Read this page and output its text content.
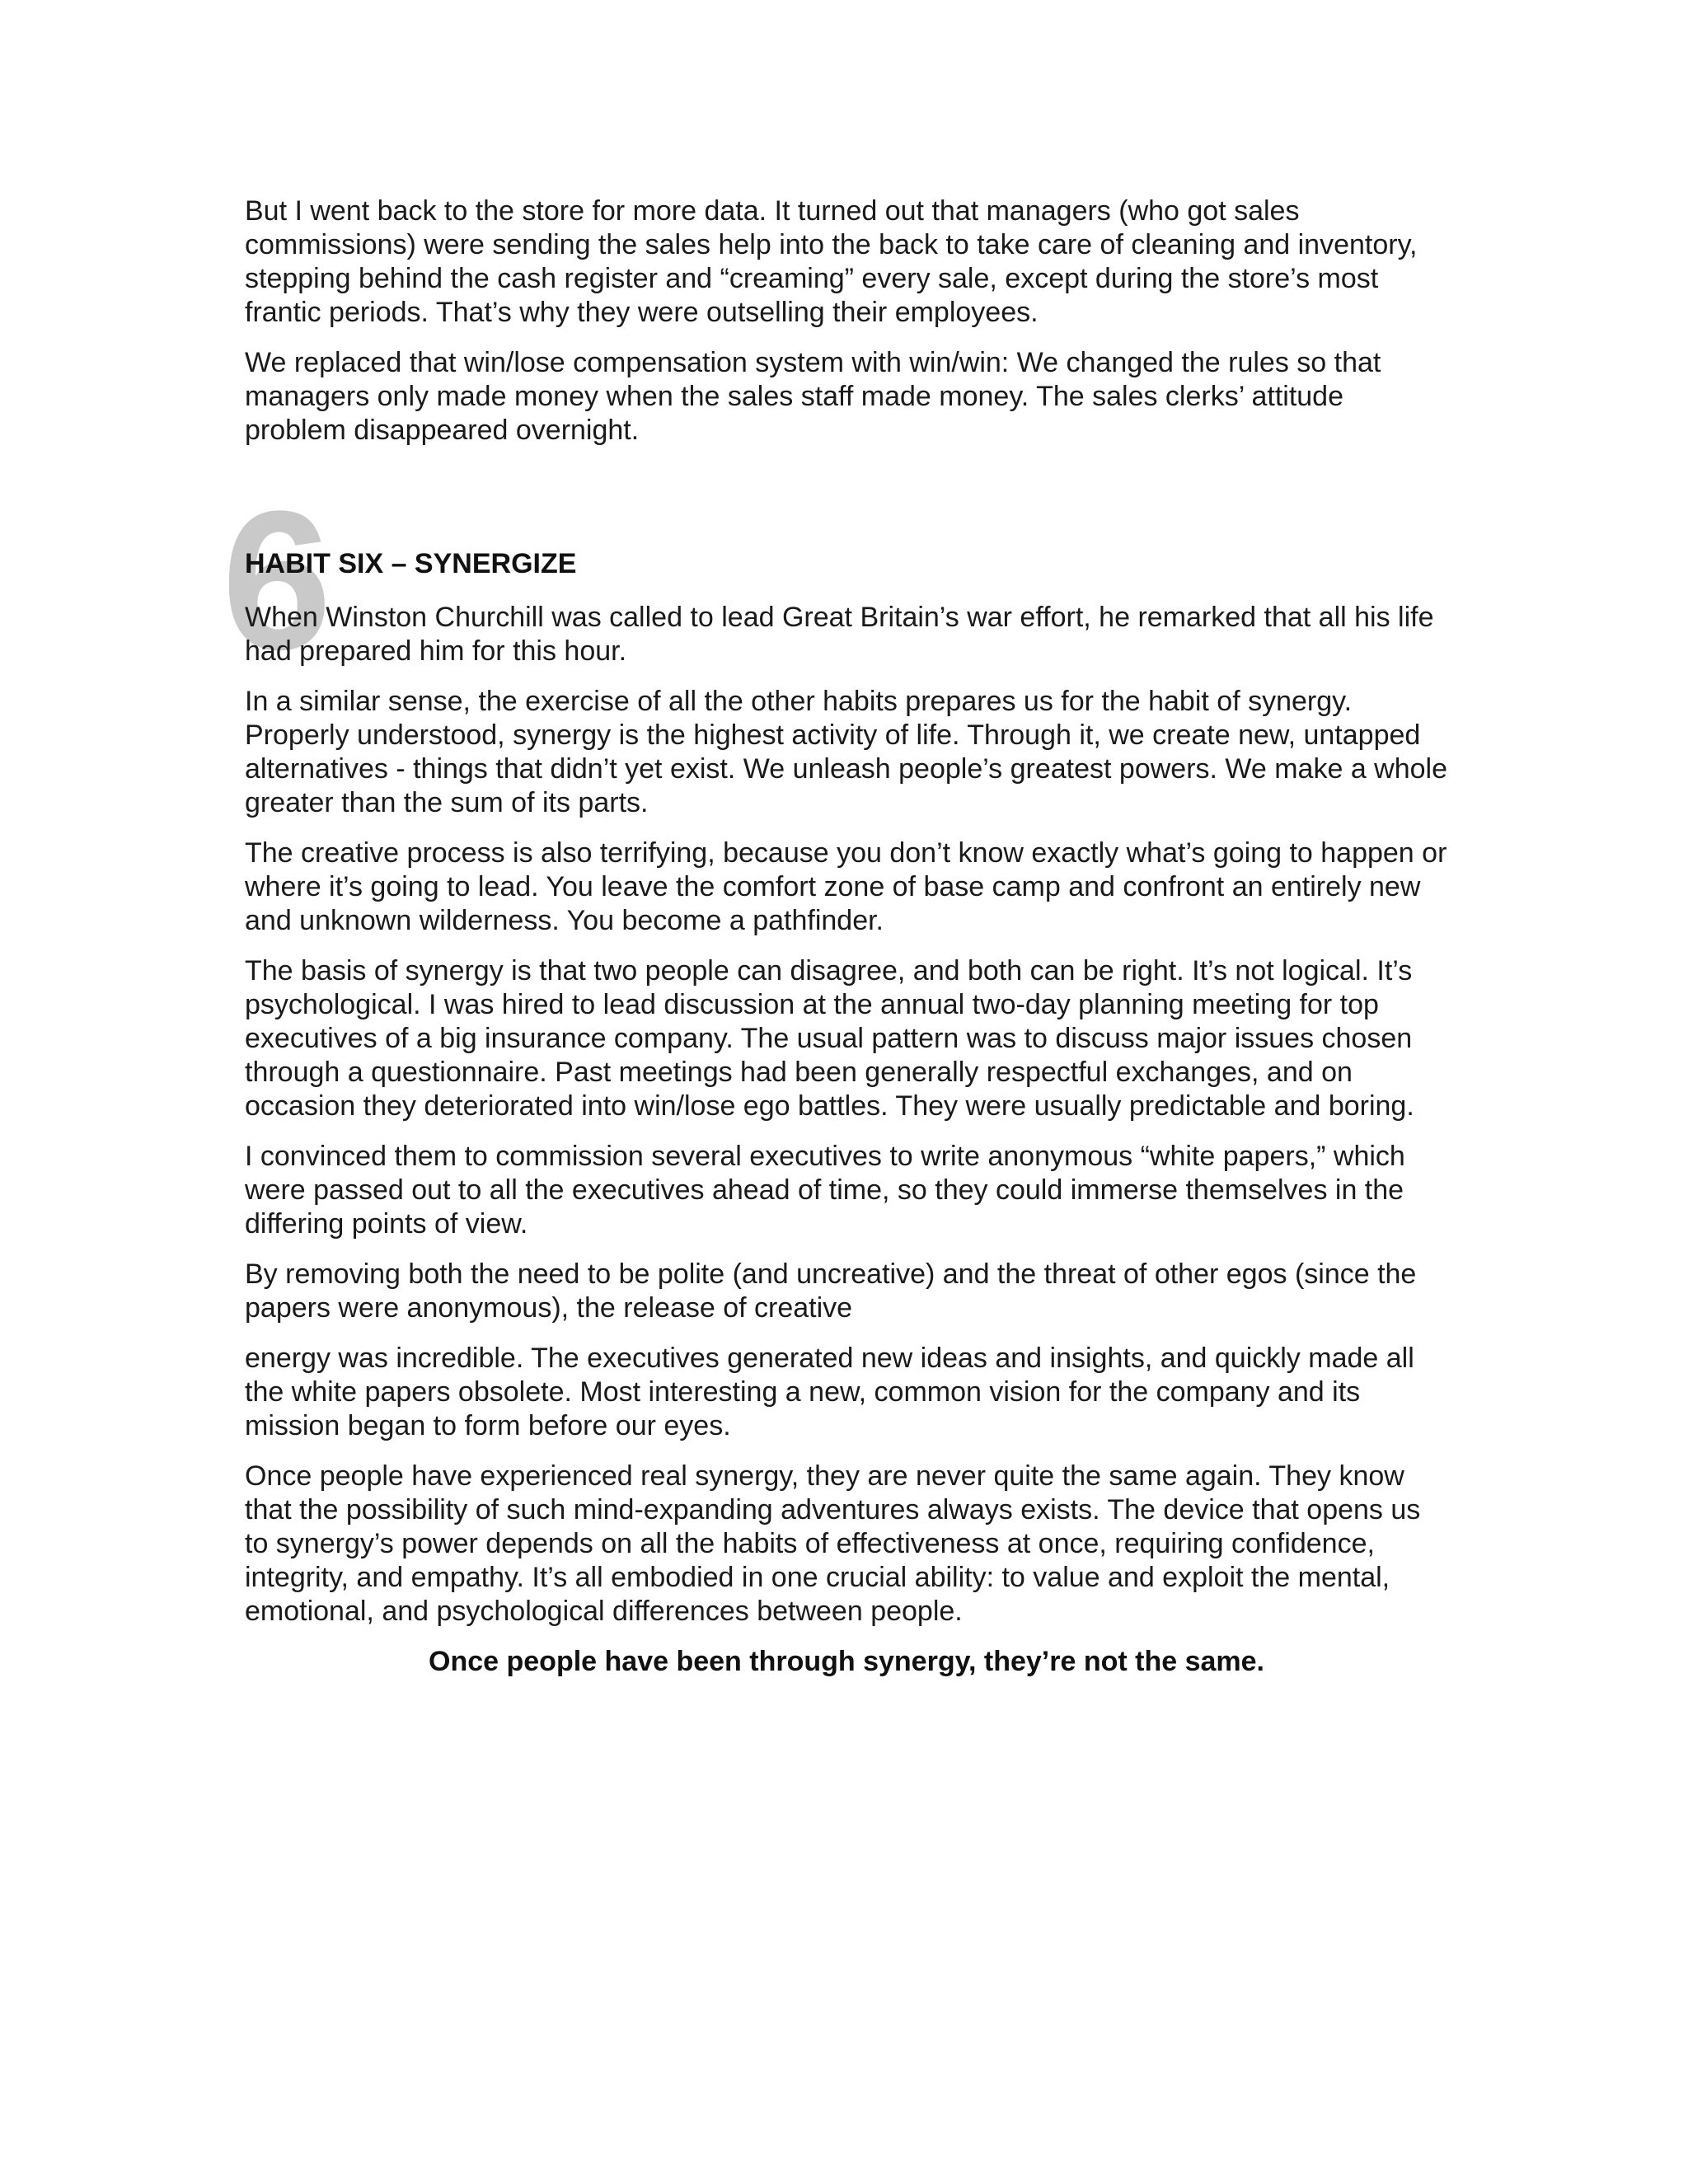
But I went back to the store for more data. It turned out that managers (who got sales commissions) were sending the sales help into the back to take care of cleaning and inventory, stepping behind the cash register and “creaming” every sale, except during the store’s most frantic periods. That’s why they were outselling their employees.

We replaced that win/lose compensation system with win/win: We changed the rules so that managers only made money when the sales staff made money. The sales clerks’ attitude problem disappeared overnight.

6
HABIT SIX – SYNERGIZE

When Winston Churchill was called to lead Great Britain’s war effort, he remarked that all his life had prepared him for this hour.

In a similar sense, the exercise of all the other habits prepares us for the habit of synergy. Properly understood, synergy is the highest activity of life. Through it, we create new, untapped alternatives - things that didn’t yet exist. We unleash people’s greatest powers. We make a whole greater than the sum of its parts.

The creative process is also terrifying, because you don’t know exactly what’s going to happen or where it’s going to lead. You leave the comfort zone of base camp and confront an entirely new and unknown wilderness. You become a pathfinder.

The basis of synergy is that two people can disagree, and both can be right. It’s not logical. It’s psychological. I was hired to lead discussion at the annual two-day planning meeting for top executives of a big insurance company. The usual pattern was to discuss major issues chosen through a questionnaire. Past meetings had been generally respectful exchanges, and on occasion they deteriorated into win/lose ego battles. They were usually predictable and boring.

I convinced them to commission several executives to write anonymous “white papers,” which were passed out to all the executives ahead of time, so they could immerse themselves in the differing points of view.

By removing both the need to be polite (and uncreative) and the threat of other egos (since the papers were anonymous), the release of creative

energy was incredible. The executives generated new ideas and insights, and quickly made all the white papers obsolete. Most interesting a new, common vision for the company and its mission began to form before our eyes.

Once people have experienced real synergy, they are never quite the same again. They know that the possibility of such mind-expanding adventures always exists. The device that opens us to synergy’s power depends on all the habits of effectiveness at once, requiring confidence, integrity, and empathy. It’s all embodied in one crucial ability: to value and exploit the mental, emotional, and psychological differences between people.

Once people have been through synergy, they’re not the same.
